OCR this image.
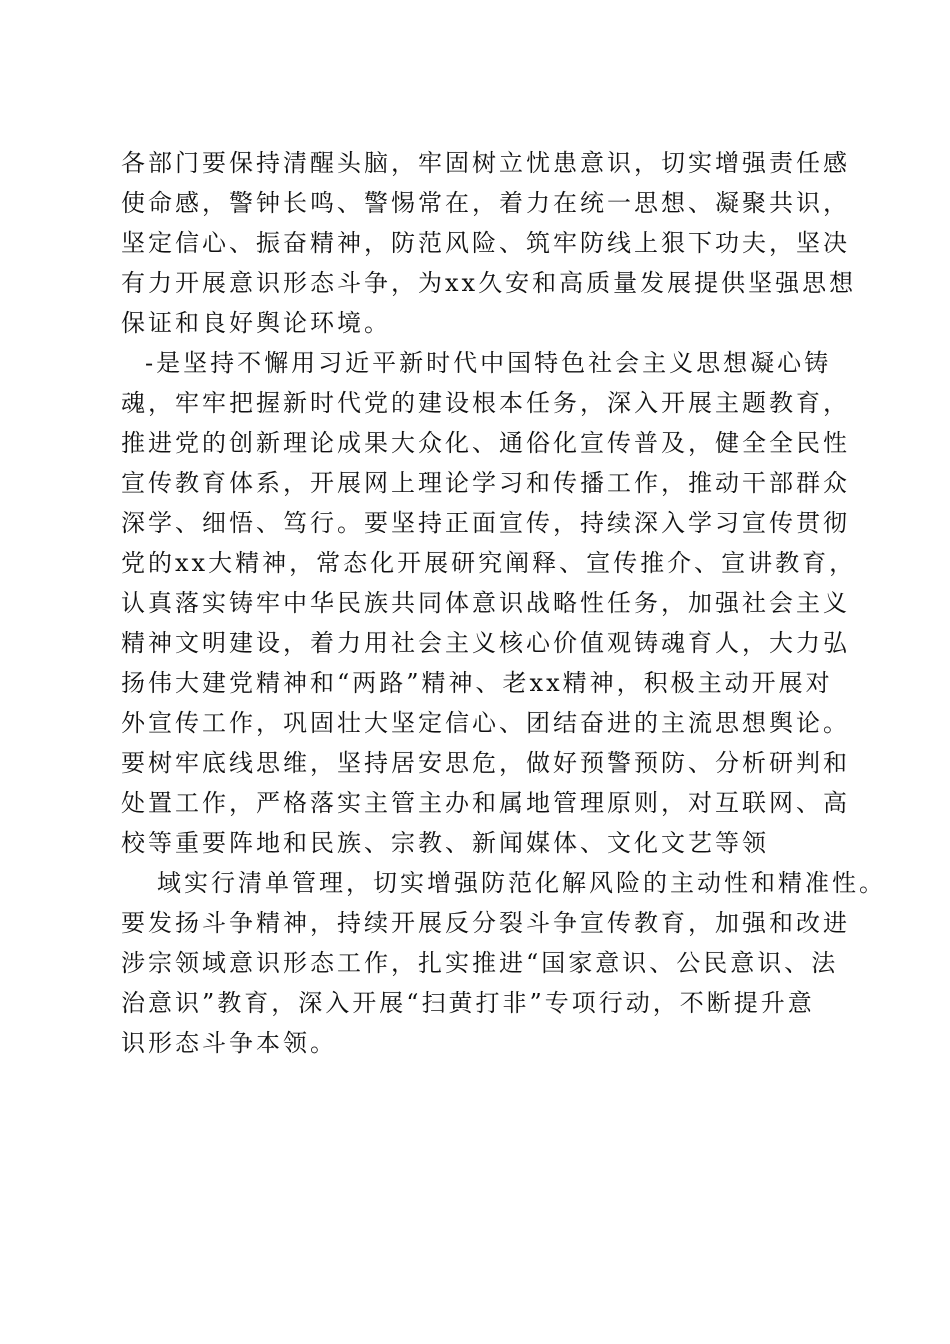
各部门要保持清醒头脑，牢固树立忧患意识，切实增强责任感
使命感，警钟长鸣、警惕常在，着力在统一思想、凝聚共识，
坚定信心、振奋精神，防范风险、筑牢防线上狠下功夫，坚决
有力开展意识形态斗争，为xx久安和高质量发展提供坚强思想
保证和良好舆论环境。
-是坚持不懈用习近平新时代中国特色社会主义思想凝心铸
魂，牢牢把握新时代党的建设根本任务，深入开展主题教育，
推进党的创新理论成果大众化、通俗化宣传普及，健全全民性
宣传教育体系，开展网上理论学习和传播工作，推动干部群众
深学、细悟、笃行。要坚持正面宣传，持续深入学习宣传贯彻
党的xx大精神，常态化开展研究阐释、宣传推介、宣讲教育，
认真落实铸牢中华民族共同体意识战略性任务，加强社会主义
精神文明建设，着力用社会主义核心价值观铸魂育人，大力弘
扬伟大建党精神和“两路”精神、老xx精神，积极主动开展对
外宣传工作，巩固壮大坚定信心、团结奋进的主流思想舆论。
要树牢底线思维，坚持居安思危，做好预警预防、分析研判和
处置工作，严格落实主管主办和属地管理原则，对互联网、高
校等重要阵地和民族、宗教、新闻媒体、文化文艺等领
域实行清单管理，切实增强防范化解风险的主动性和精准性。
要发扬斗争精神，持续开展反分裂斗争宣传教育，加强和改进
涉宗领域意识形态工作，扎实推进“国家意识、公民意识、法
治意识”教育，深入开展“扫黄打非”专项行动，不断提升意
识形态斗争本领。
